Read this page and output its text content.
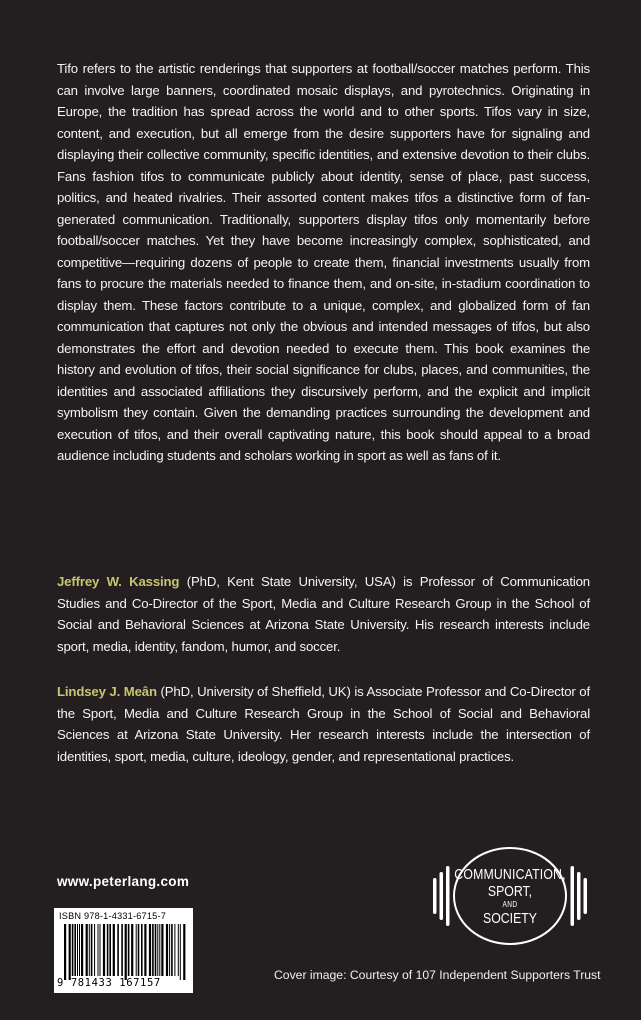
Tifo refers to the artistic renderings that supporters at football/soccer matches perform. This can involve large banners, coordinated mosaic displays, and pyrotechnics. Originating in Europe, the tradition has spread across the world and to other sports. Tifos vary in size, content, and execution, but all emerge from the desire supporters have for signaling and displaying their collective community, specific identities, and extensive devotion to their clubs. Fans fashion tifos to communicate publicly about identity, sense of place, past success, politics, and heated rivalries. Their assorted content makes tifos a distinctive form of fan-generated communication. Traditionally, supporters display tifos only momentarily before football/soccer matches. Yet they have become increasingly complex, sophisticated, and competitive—requiring dozens of people to create them, financial investments usually from fans to procure the materials needed to finance them, and on-site, in-stadium coordination to display them. These factors contribute to a unique, complex, and globalized form of fan communication that captures not only the obvious and intended messages of tifos, but also demonstrates the effort and devotion needed to execute them. This book examines the history and evolution of tifos, their social significance for clubs, places, and communities, the identities and associated affiliations they discursively perform, and the explicit and implicit symbolism they contain. Given the demanding practices surrounding the development and execution of tifos, and their overall captivating nature, this book should appeal to a broad audience including students and scholars working in sport as well as fans of it.
Jeffrey W. Kassing (PhD, Kent State University, USA) is Professor of Communication Studies and Co-Director of the Sport, Media and Culture Research Group in the School of Social and Behavioral Sciences at Arizona State University. His research interests include sport, media, identity, fandom, humor, and soccer.
Lindsey J. Meân (PhD, University of Sheffield, UK) is Associate Professor and Co-Director of the Sport, Media and Culture Research Group in the School of Social and Behavioral Sciences at Arizona State University. Her research interests include the intersection of identities, sport, media, culture, ideology, gender, and representational practices.
www.peterlang.com
ISBN 978-1-4331-6715-7
9 781433 167157
COMMUNICATION,
SPORT,
AND
SOCIETY
Cover image: Courtesy of 107 Independent Supporters Trust
